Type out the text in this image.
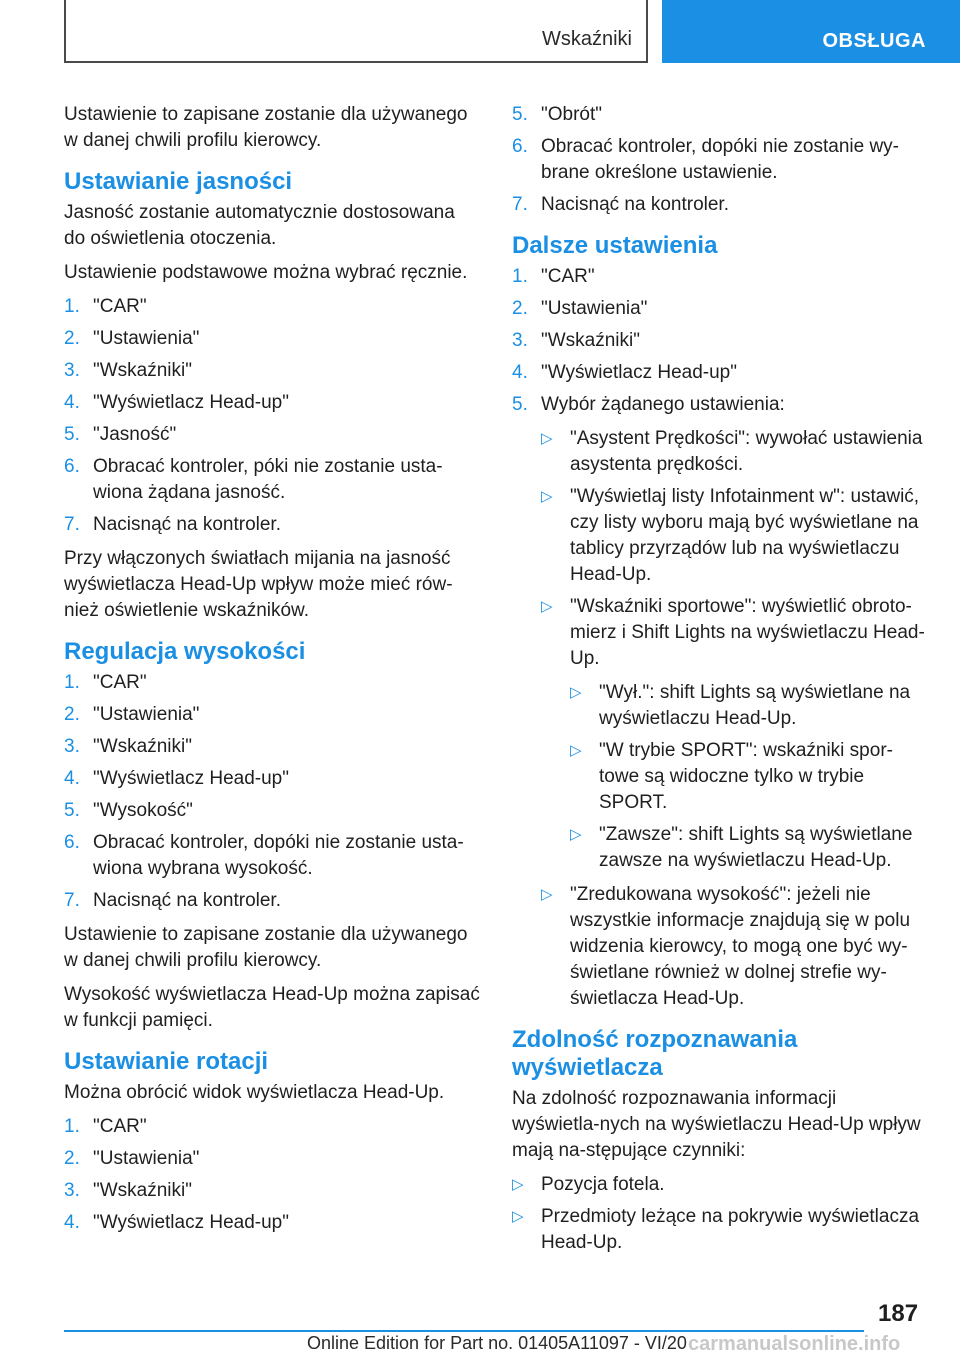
Wskaźniki	OBSŁUGA

Ustawienie to zapisane zostanie dla używanego w danej chwili profilu kierowcy.

Ustawianie jasności

Jasność zostanie automatycznie dostosowana do oświetlenia otoczenia.

Ustawienie podstawowe można wybrać ręcznie.

1. "CAR"
2. "Ustawienia"
3. "Wskaźniki"
4. "Wyświetlacz Head-up"
5. "Jasność"
6. Obracać kontroler, póki nie zostanie usta-wiona żądana jasność.
7. Nacisnąć na kontroler.

Przy włączonych światłach mijania na jasność wyświetlacza Head-Up wpływ może mieć rów-nież oświetlenie wskaźników.

Regulacja wysokości
1. "CAR"
2. "Ustawienia"
3. "Wskaźniki"
4. "Wyświetlacz Head-up"
5. "Wysokość"
6. Obracać kontroler, dopóki nie zostanie usta-wiona wybrana wysokość.
7. Nacisnąć na kontroler.

Ustawienie to zapisane zostanie dla używanego w danej chwili profilu kierowcy.

Wysokość wyświetlacza Head-Up można zapisać w funkcji pamięci.

Ustawianie rotacji

Można obrócić widok wyświetlacza Head-Up.

1. "CAR"
2. "Ustawienia"
3. "Wskaźniki"
4. "Wyświetlacz Head-up"
5. "Obrót"
6. Obracać kontroler, dopóki nie zostanie wy-brane określone ustawienie.
7. Nacisnąć na kontroler.
Dalsze ustawienia
1. "CAR"
2. "Ustawienia"
3. "Wskaźniki"
4. "Wyświetlacz Head-up"
5. Wybór żądanego ustawienia:
▷ "Asystent Prędkości": wywołać ustawienia asystenta prędkości.
▷ "Wyświetlaj listy Infotainment w": ustawić, czy listy wyboru mają być wyświetlane na tablicy przyrządów lub na wyświetlaczu Head-Up.
▷ "Wskaźniki sportowe": wyświetlić obroto-mierz i Shift Lights na wyświetlaczu Head-Up.
▷ "Wył.": shift Lights są wyświetlane na wyświetlaczu Head-Up.
▷ "W trybie SPORT": wskaźniki spor-towe są widoczne tylko w trybie SPORT.
▷ "Zawsze": shift Lights są wyświetlane zawsze na wyświetlaczu Head-Up.
▷ "Zredukowana wysokość": jeżeli nie wszystkie informacje znajdują się w polu widzenia kierowcy, to mogą one być wy-świetlane również w dolnej strefie wy-świetlacza Head-Up.
Zdolność rozpoznawania wyświetlacza

Na zdolność rozpoznawania informacji wyświetla-nych na wyświetlaczu Head-Up wpływ mają na-stępujące czynniki:

▷ Pozycja fotela.
▷ Przedmioty leżące na pokrywie wyświetlacza Head-Up.
187
Online Edition for Part no. 01405A11097 - VI/20 carmanualsonline.info
